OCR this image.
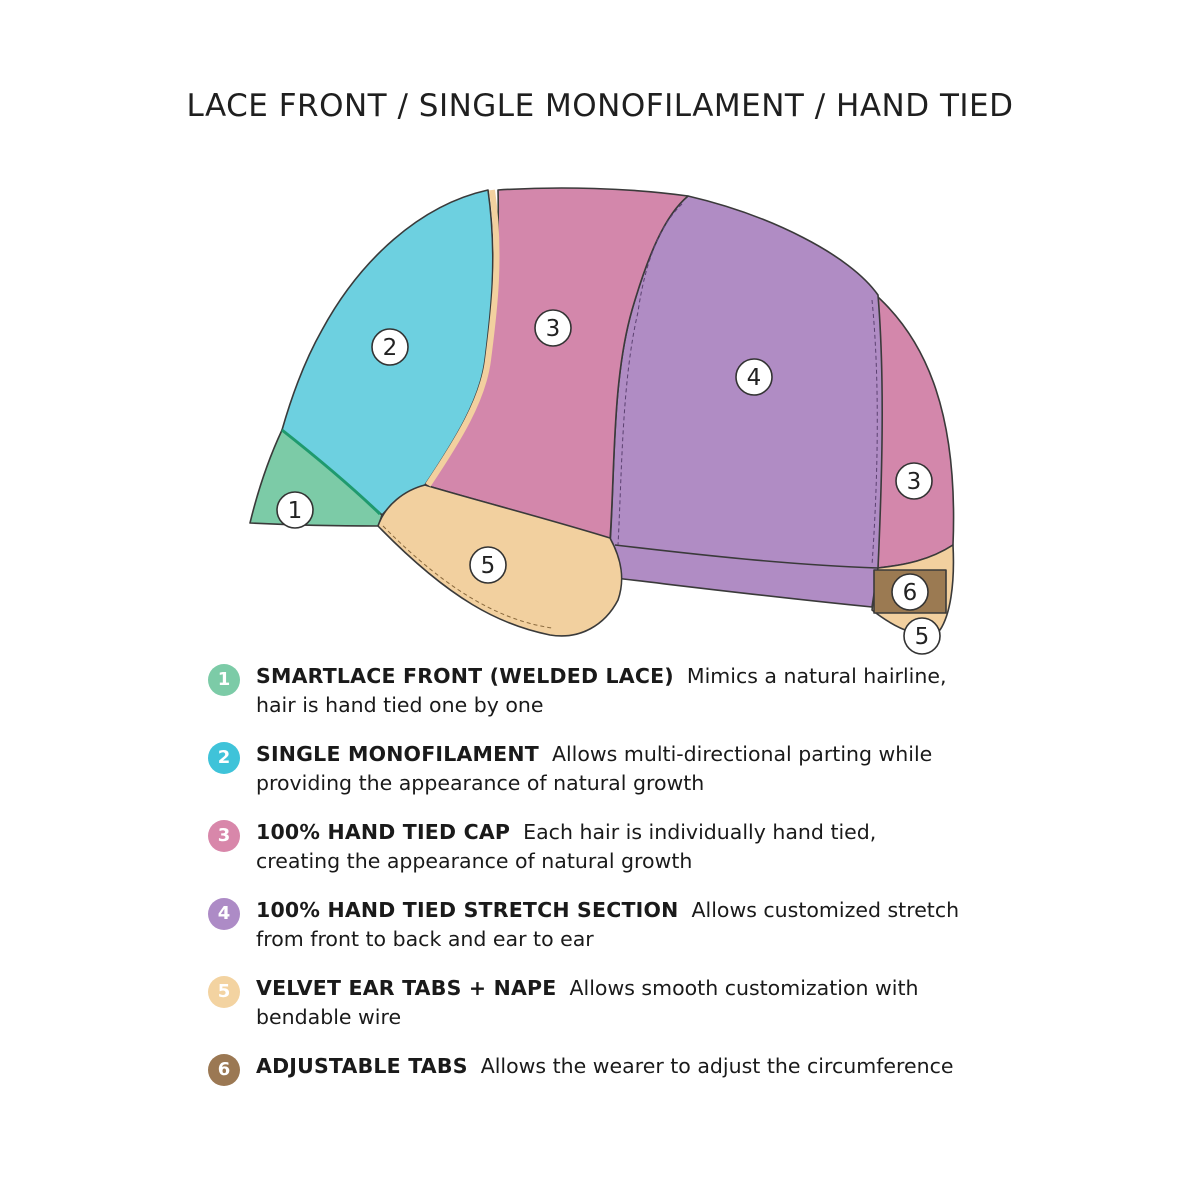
LACE FRONT / SINGLE MONOFILAMENT / HAND TIED
1
2
3
4
3
5
6
5
1	SMARTLACE FRONT (WELDED LACE) Mimics a natural hairline,
hair is hand tied one by one
2	SINGLE MONOFILAMENT Allows multi-directional parting while
providing the appearance of natural growth
3	100% HAND TIED CAP Each hair is individually hand tied,
creating the appearance of natural growth
4	100% HAND TIED STRETCH SECTION Allows customized stretch
from front to back and ear to ear
5	VELVET EAR TABS + NAPE Allows smooth customization with
bendable wire
6	ADJUSTABLE TABS Allows the wearer to adjust the circumference
